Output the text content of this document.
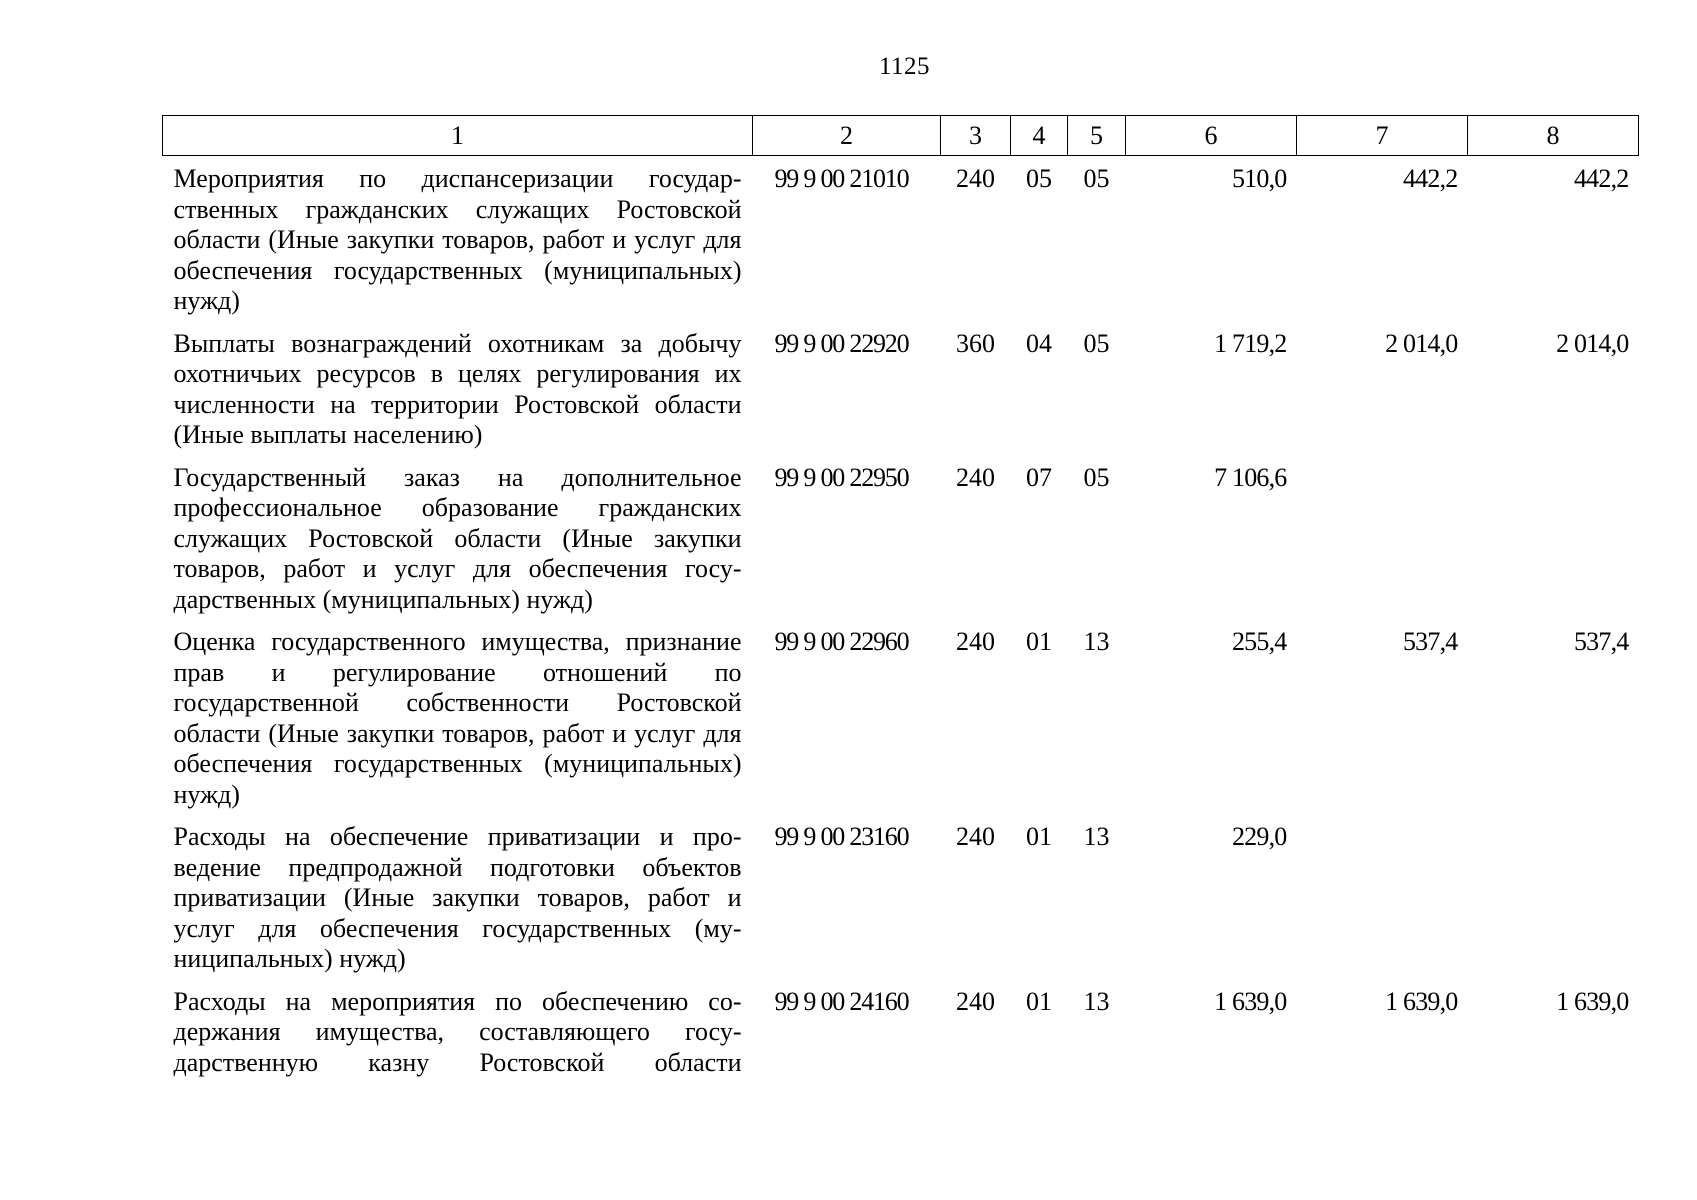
1125
1	2	3	4	5	6	7	8
Мероприятия по диспансеризации государственных гражданских служащих Ростовской области (Иные закупки товаров, работ и услуг для обеспечения государственных (муниципальных) нужд)	99 9 00 21010	240	05	05	510,0	442,2	442,2
Выплаты вознаграждений охотникам за добычу охотничьих ресурсов в целях регулирования их численности на территории Ростовской области (Иные выплаты населению)	99 9 00 22920	360	04	05	1 719,2	2 014,0	2 014,0
Государственный заказ на дополнительное профессиональное образование гражданских служащих Ростовской области (Иные закупки товаров, работ и услуг для обеспечения государственных (муниципальных) нужд)	99 9 00 22950	240	07	05	7 106,6		
Оценка государственного имущества, признание прав и регулирование отношений по государственной собственности Ростовской области (Иные закупки товаров, работ и услуг для обеспечения государственных (муниципальных) нужд)	99 9 00 22960	240	01	13	255,4	537,4	537,4
Расходы на обеспечение приватизации и проведение предпродажной подготовки объектов приватизации (Иные закупки товаров, работ и услуг для обеспечения государственных (муниципальных) нужд)	99 9 00 23160	240	01	13	229,0		
Расходы на мероприятия по обеспечению содержания имущества, составляющего государственную казну Ростовской области	99 9 00 24160	240	01	13	1 639,0	1 639,0	1 639,0
